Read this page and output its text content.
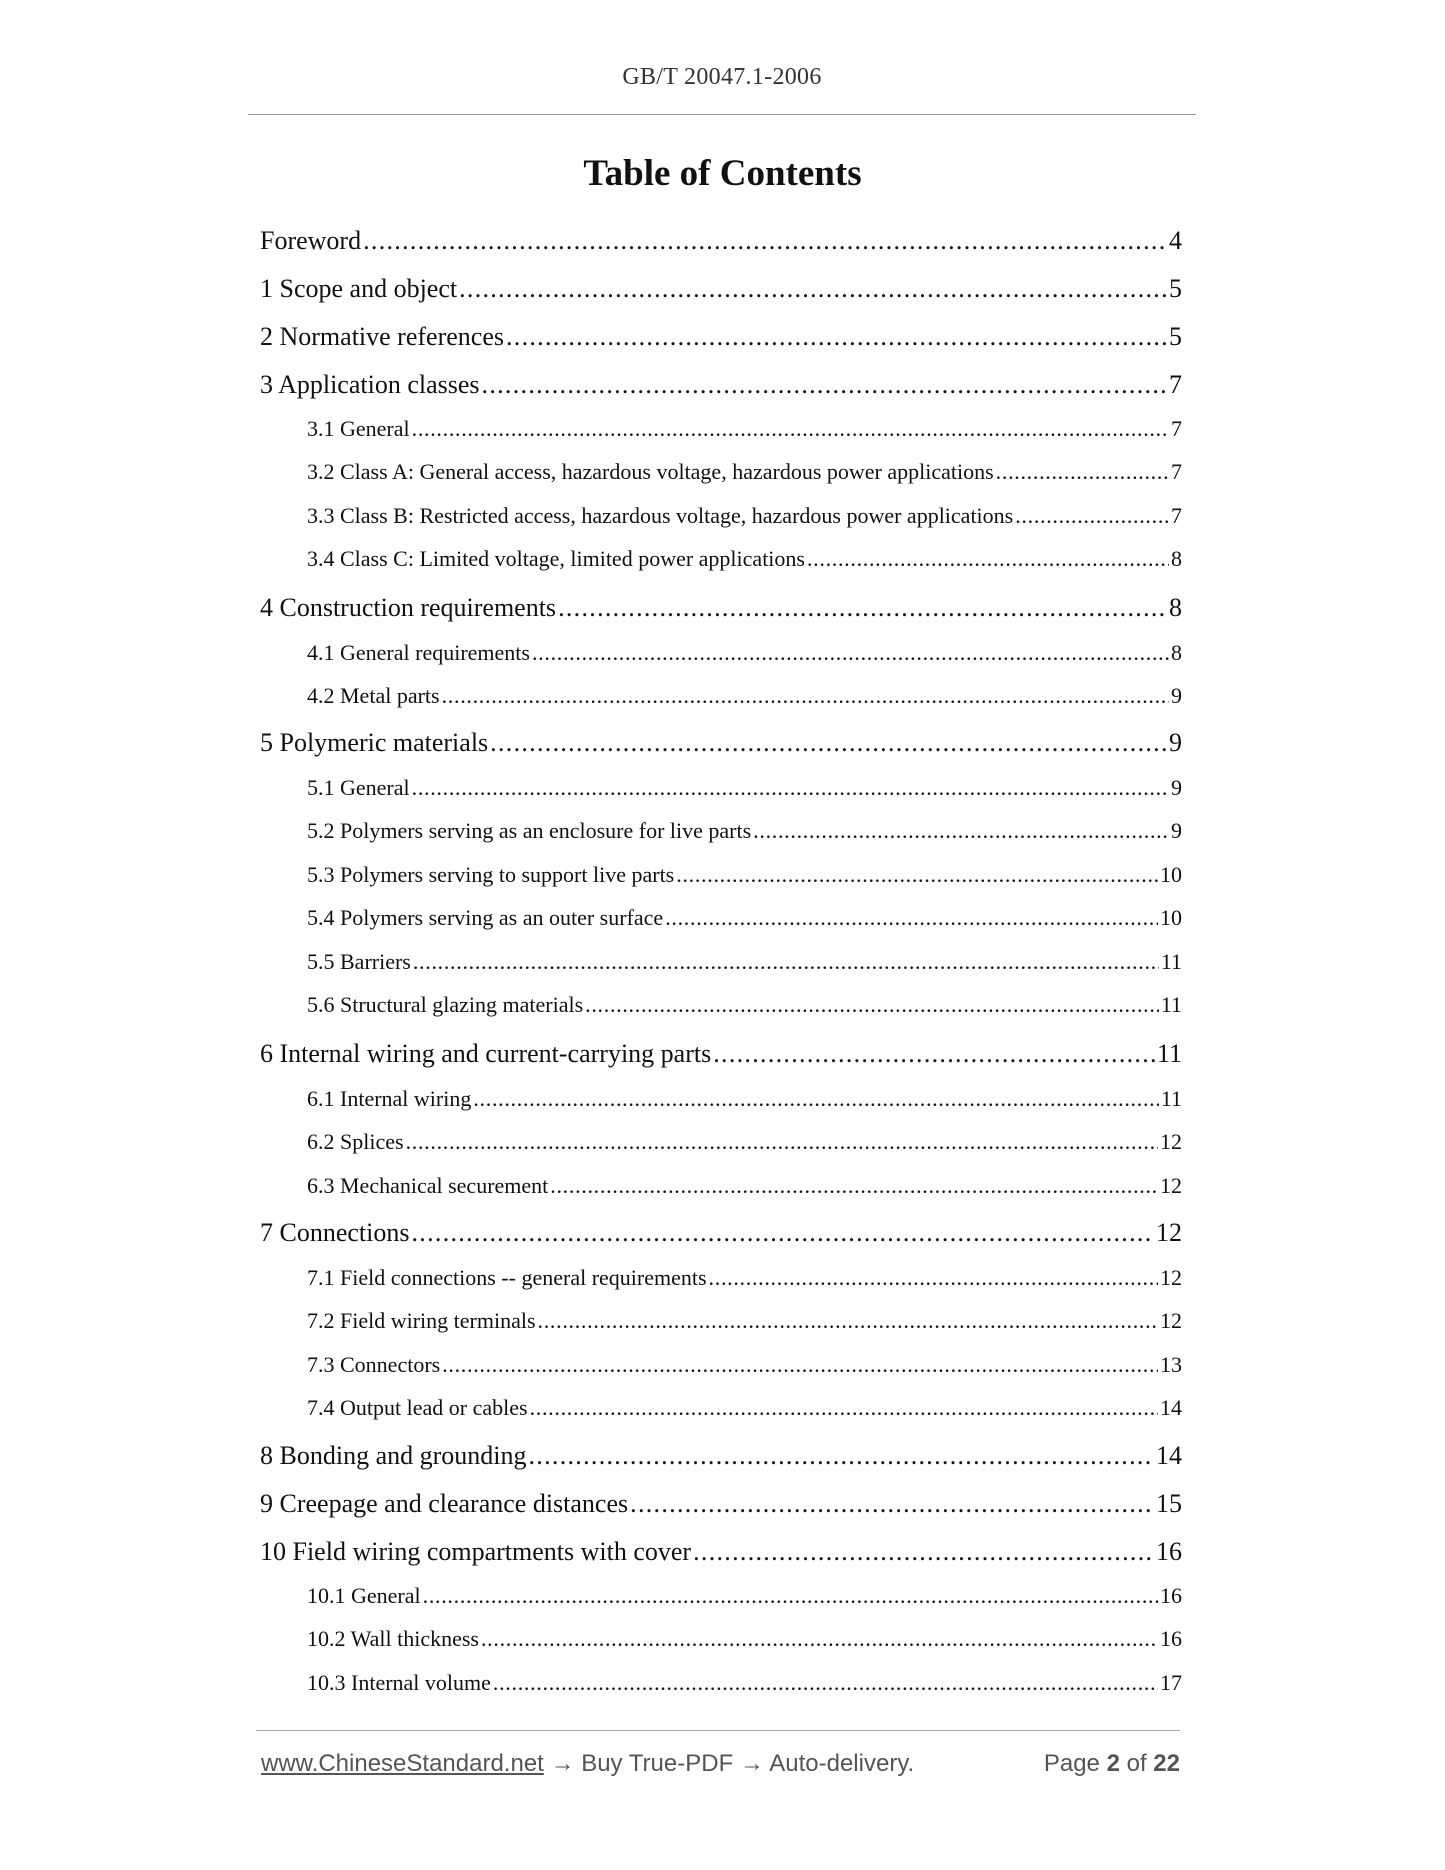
GB/T 20047.1-2006
Table of Contents
Foreword . . .	4
1 Scope and object . . .	5
2 Normative references . . .	5
3 Application classes . . .	7
3.1 General . . .	7
3.2 Class A: General access, hazardous voltage, hazardous power applications . . .	7
3.3 Class B: Restricted access, hazardous voltage, hazardous power applications . . .	7
3.4 Class C: Limited voltage, limited power applications . . .	8
4 Construction requirements . . .	8
4.1 General requirements . . .	8
4.2 Metal parts . . .	9
5 Polymeric materials . . .	9
5.1 General . . .	9
5.2 Polymers serving as an enclosure for live parts . . .	9
5.3 Polymers serving to support live parts . . .	10
5.4 Polymers serving as an outer surface . . .	10
5.5 Barriers . . .	11
5.6 Structural glazing materials . . .	11
6 Internal wiring and current-carrying parts . . .	11
6.1 Internal wiring . . .	11
6.2 Splices . . .	12
6.3 Mechanical securement . . .	12
7 Connections . . .	12
7.1 Field connections -- general requirements . . .	12
7.2 Field wiring terminals . . .	12
7.3 Connectors . . .	13
7.4 Output lead or cables . . .	14
8 Bonding and grounding . . .	14
9 Creepage and clearance distances . . .	15
10 Field wiring compartments with cover . . .	16
10.1 General . . .	16
10.2 Wall thickness . . .	16
10.3 Internal volume . . .	17
www.ChineseStandard.net → Buy True-PDF → Auto-delivery.	Page 2 of 22
